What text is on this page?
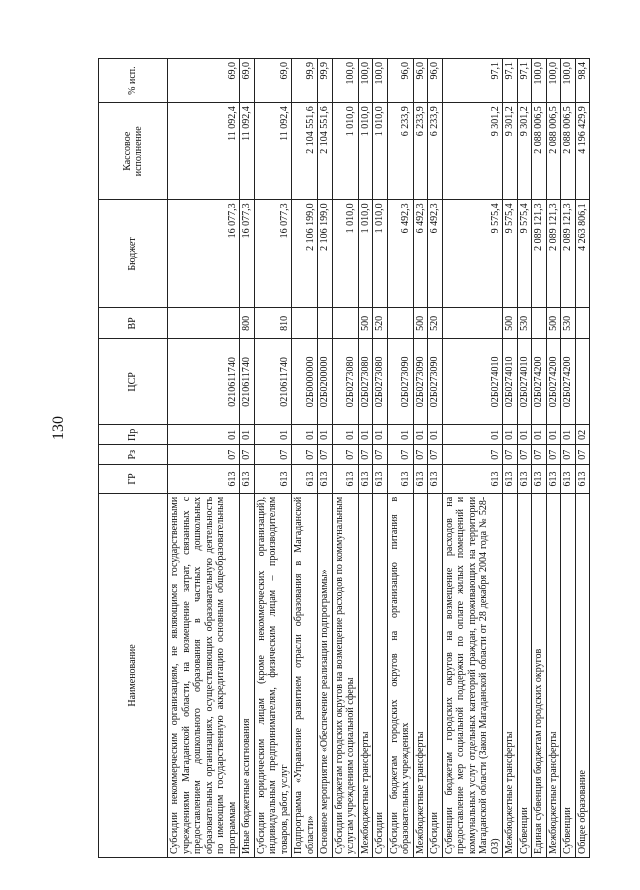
130
Наименование	ГР	Рз	Пр	ЦСР	ВР	Бюджет	Кассовое исполнение	% исп.
Субсидии некоммерческим организациям, не являющимся государственными учреждениями Магаданской области, на возмещение затрат, связанных с предоставлением дошкольного образования в частных дошкольных образовательных организациях, осуществляющих образовательную деятельность по имеющим государственную аккредитацию основным общеобразовательным программам	613	07	01	0210611740		16 077,3	11 092,4	69,0
Иные бюджетные ассигнования	613	07	01	0210611740	800	16 077,3	11 092,4	69,0
Субсидии юридическим лицам (кроме некоммерческих организаций), индивидуальным предпринимателям, физическим лицам – производителям товаров, работ, услуг	613	07	01	0210611740	810	16 077,3	11 092,4	69,0
Подпрограмма «Управление развитием отрасли образования в Магаданской области»	613	07	01	02Б0000000		2 106 199,0	2 104 551,6	99,9
Основное мероприятие «Обеспечение реализации подпрограммы»	613	07	01	02Б0200000		2 106 199,0	2 104 551,6	99,9
Субсидии бюджетам городских округов на возмещение расходов по коммунальным услугам учреждениям социальной сферы	613	07	01	02Б0273080		1 010,0	1 010,0	100,0
Межбюджетные трансферты	613	07	01	02Б0273080	500	1 010,0	1 010,0	100,0
Субсидии	613	07	01	02Б0273080	520	1 010,0	1 010,0	100,0
Субсидии бюджетам городских округов на организацию питания в образовательных учреждениях	613	07	01	02Б0273090		6 492,3	6 233,9	96,0
Межбюджетные трансферты	613	07	01	02Б0273090	500	6 492,3	6 233,9	96,0
Субсидии	613	07	01	02Б0273090	520	6 492,3	6 233,9	96,0
Субвенции бюджетам городских округов на возмещение расходов на предоставление мер социальной поддержки по оплате жилых помещений и коммунальных услуг отдельных категорий граждан, проживающих на территории Магаданской области (Закон Магаданской области от 28 декабря 2004 года № 528-ОЗ)	613	07	01	02Б0274010		9 575,4	9 301,2	97,1
Межбюджетные трансферты	613	07	01	02Б0274010	500	9 575,4	9 301,2	97,1
Субвенции	613	07	01	02Б0274010	530	9 575,4	9 301,2	97,1
Единая субвенция бюджетам городских округов	613	07	01	02Б0274200		2 089 121,3	2 088 006,5	100,0
Межбюджетные трансферты	613	07	01	02Б0274200	500	2 089 121,3	2 088 006,5	100,0
Субвенции	613	07	01	02Б0274200	530	2 089 121,3	2 088 006,5	100,0
Общее образование	613	07	02			4 263 806,1	4 196 429,9	98,4
